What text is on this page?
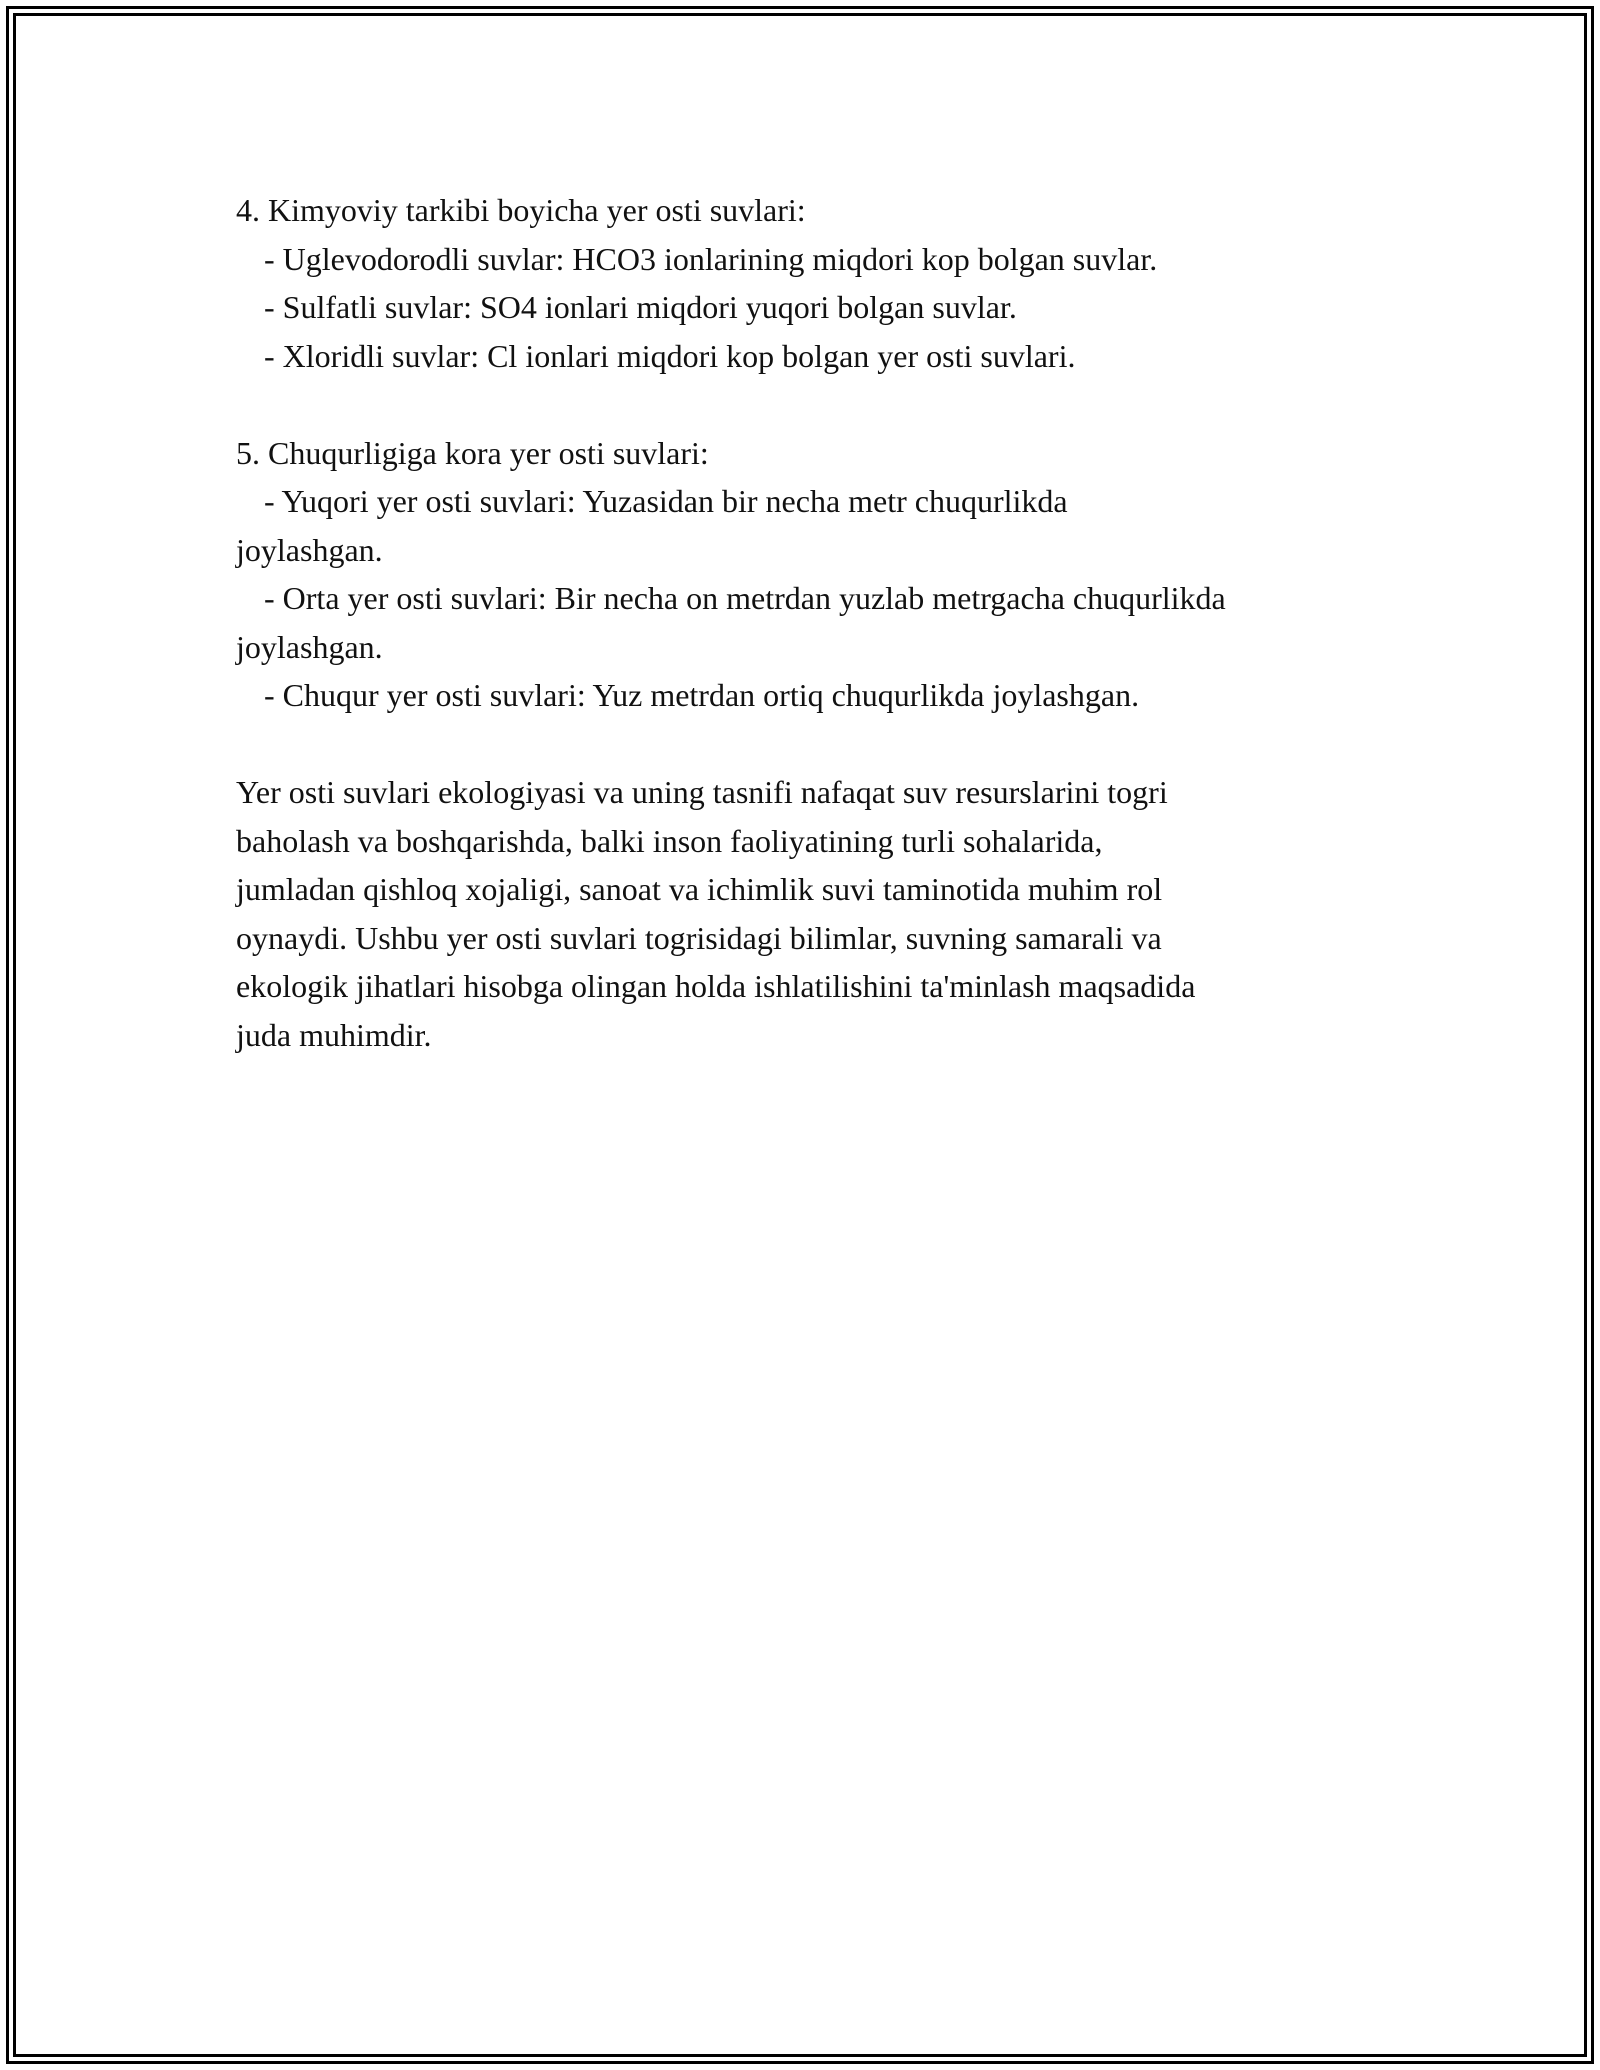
4. Kimyoviy tarkibi boyicha yer osti suvlari:

- Uglevodorodli suvlar: HCO3 ionlarining miqdori kop bolgan suvlar.

- Sulfatli suvlar: SO4 ionlari miqdori yuqori bolgan suvlar.

- Xloridli suvlar: Cl ionlari miqdori kop bolgan yer osti suvlari.

5. Chuqurligiga kora yer osti suvlari:

- Yuqori yer osti suvlari: Yuzasidan bir necha metr chuqurlikda

joylashgan.

- Orta yer osti suvlari: Bir necha on metrdan yuzlab metrgacha chuqurlikda

joylashgan.

- Chuqur yer osti suvlari: Yuz metrdan ortiq chuqurlikda joylashgan.

Yer osti suvlari ekologiyasi va uning tasnifi nafaqat suv resurslarini togri

baholash va boshqarishda, balki inson faoliyatining turli sohalarida,

jumladan qishloq xojaligi, sanoat va ichimlik suvi taminotida muhim rol

oynaydi. Ushbu yer osti suvlari togrisidagi bilimlar, suvning samarali va

ekologik jihatlari hisobga olingan holda ishlatilishini ta'minlash maqsadida

juda muhimdir.
